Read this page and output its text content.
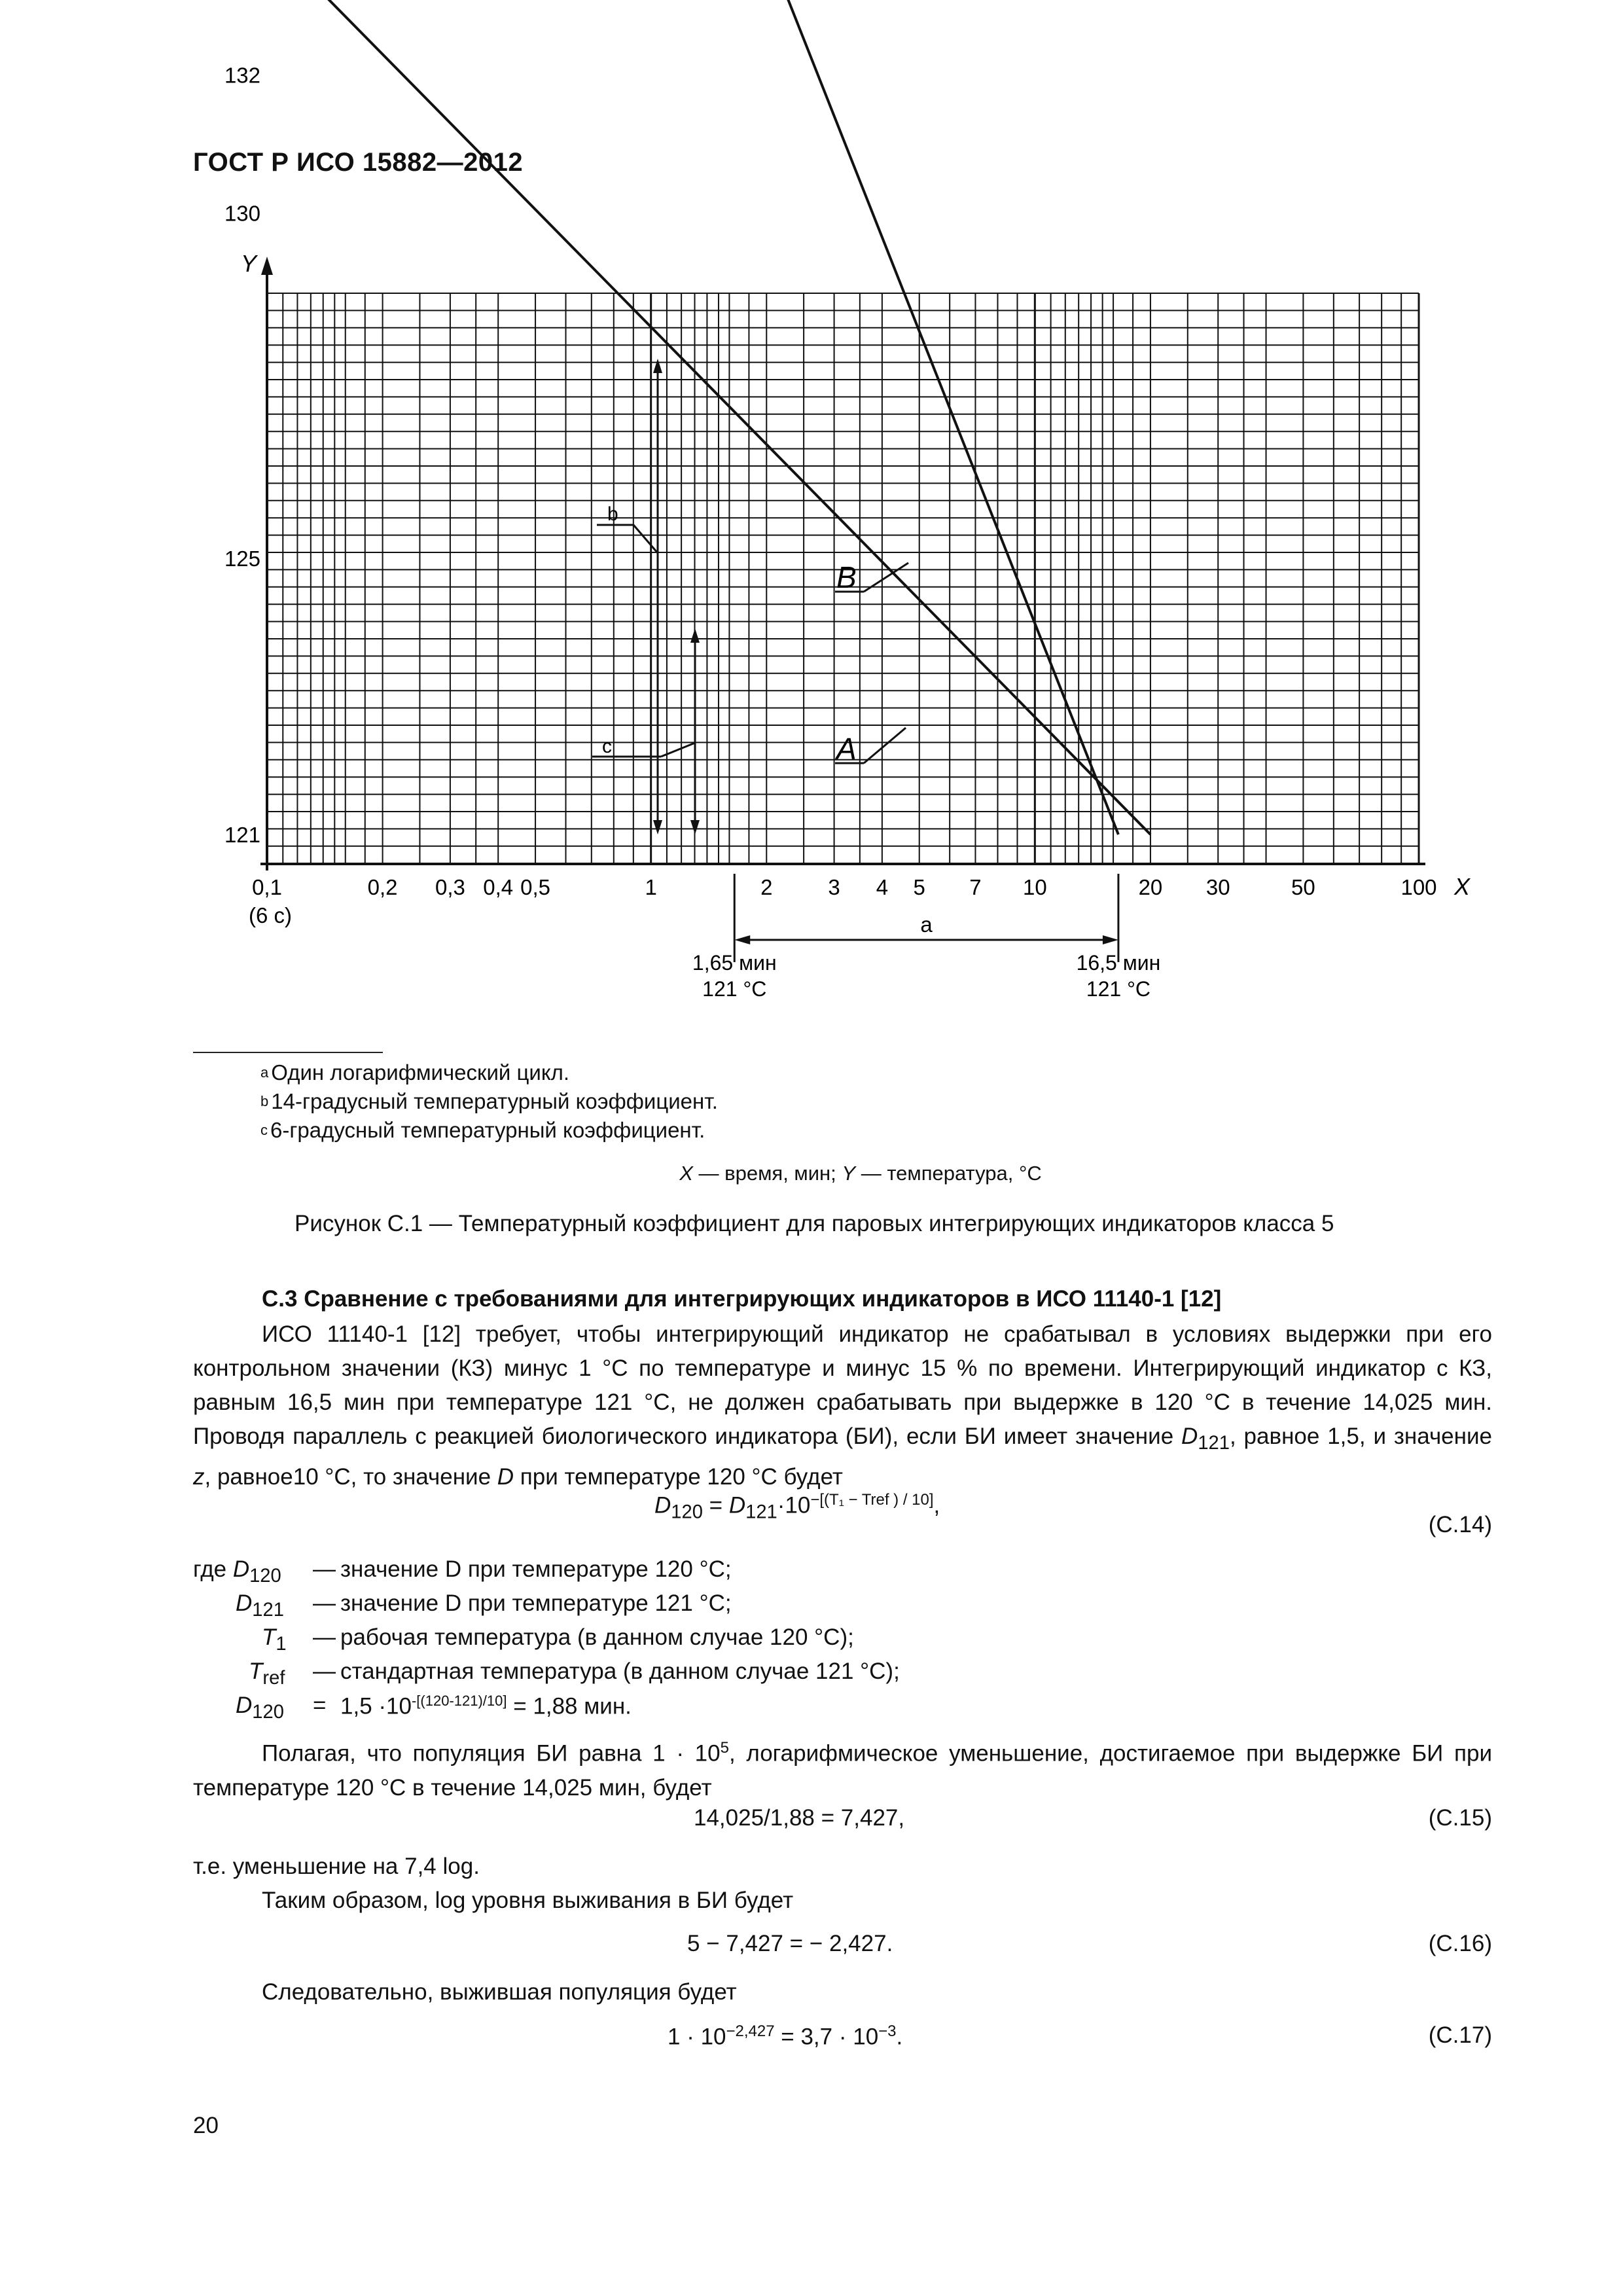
ГОСТ Р ИСО 15882—2012
Y
X
121
125
130
132
0,1	0,2 0,3 0,4 0,5	1	2	3 4 5 7 10	20 30	50	100
(6 с)
B
A
b
c
a
1,65 мин
121 °C
16,5 мин
121 °C
$^a$ Один логарифмический цикл.
$^b$ 14-градусный температурный коэффициент.
$^c$ 6-градусный температурный коэффициент.
X — время, мин; Y — температура, °C
Рисунок С.1 — Температурный коэффициент для паровых интегрирующих индикаторов класса 5
С.3 Сравнение с требованиями для интегрирующих индикаторов в ИСО 11140-1 [12]
ИСО 11140-1 [12] требует, чтобы интегрирующий индикатор не срабатывал в условиях выдержки при его контрольном значении (КЗ) минус 1 °C по температуре и минус 15 % по времени. Интегрирующий индикатор с КЗ, равным 16,5 мин при температуре 121 °C, не должен срабатывать при выдержке в 120 °C в течение 14,025 мин. Проводя параллель с реакцией биологического индикатора (БИ), если БИ имеет значение $D_{121}$, равное 1,5, и значение z, равное10 °C, то значение D при температуре 120 °C будет
$D_{120} = D_{121}\cdot 10^{-[(T_1 - Tref ) / 10]}$,
(С.14)
где $D_{120}$ — значение D при температуре 120 °C;
$D_{121}$ — значение D при температуре 121 °C;
$T_1$ — рабочая температура (в данном случае 120 °C);
$T_{ref}$ — стандартная температура (в данном случае 121 °C);
$D_{120} = 1,5 \cdot 10^{-[(120-121)/10]} = 1,88$ мин.
Полагая, что популяция БИ равна $1 \cdot 10^5$, логарифмическое уменьшение, достигаемое при выдержке БИ при температуре 120 °C в течение 14,025 мин, будет
14,025/1,88 = 7,427,	(С.15)
т.е. уменьшение на 7,4 log.
Таким образом, log уровня выживания в БИ будет
5 − 7,427 = − 2,427.	(С.16)
Следовательно, выжившая популяция будет
$1 \cdot 10^{-2,427} = 3,7 \cdot 10^{-3}$.	(С.17)
20
